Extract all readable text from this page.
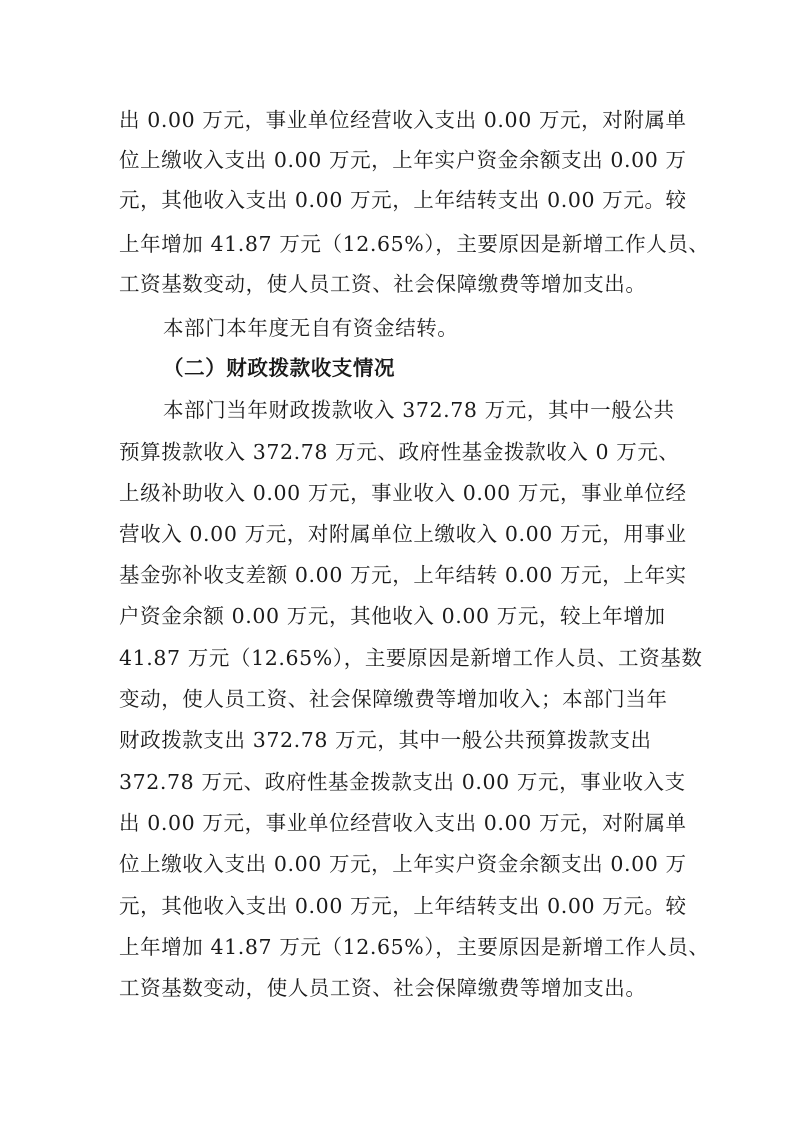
出 0.00 万元，事业单位经营收入支出 0.00 万元，对附属单
位上缴收入支出 0.00 万元，上年实户资金余额支出 0.00 万
元，其他收入支出 0.00 万元，上年结转支出 0.00 万元。较
上年增加 41.87 万元（12.65%），主要原因是新增工作人员、
工资基数变动，使人员工资、社会保障缴费等增加支出。
本部门本年度无自有资金结转。
（二）财政拨款收支情况
本部门当年财政拨款收入 372.78 万元，其中一般公共
预算拨款收入 372.78 万元、政府性基金拨款收入 0 万元、
上级补助收入 0.00 万元，事业收入 0.00 万元，事业单位经
营收入 0.00 万元，对附属单位上缴收入 0.00 万元，用事业
基金弥补收支差额 0.00 万元，上年结转 0.00 万元，上年实
户资金余额 0.00 万元，其他收入 0.00 万元，较上年增加
41.87 万元（12.65%），主要原因是新增工作人员、工资基数
变动，使人员工资、社会保障缴费等增加收入；本部门当年
财政拨款支出 372.78 万元，其中一般公共预算拨款支出
372.78 万元、政府性基金拨款支出 0.00 万元，事业收入支
出 0.00 万元，事业单位经营收入支出 0.00 万元，对附属单
位上缴收入支出 0.00 万元，上年实户资金余额支出 0.00 万
元，其他收入支出 0.00 万元，上年结转支出 0.00 万元。较
上年增加 41.87 万元（12.65%），主要原因是新增工作人员、
工资基数变动，使人员工资、社会保障缴费等增加支出。
